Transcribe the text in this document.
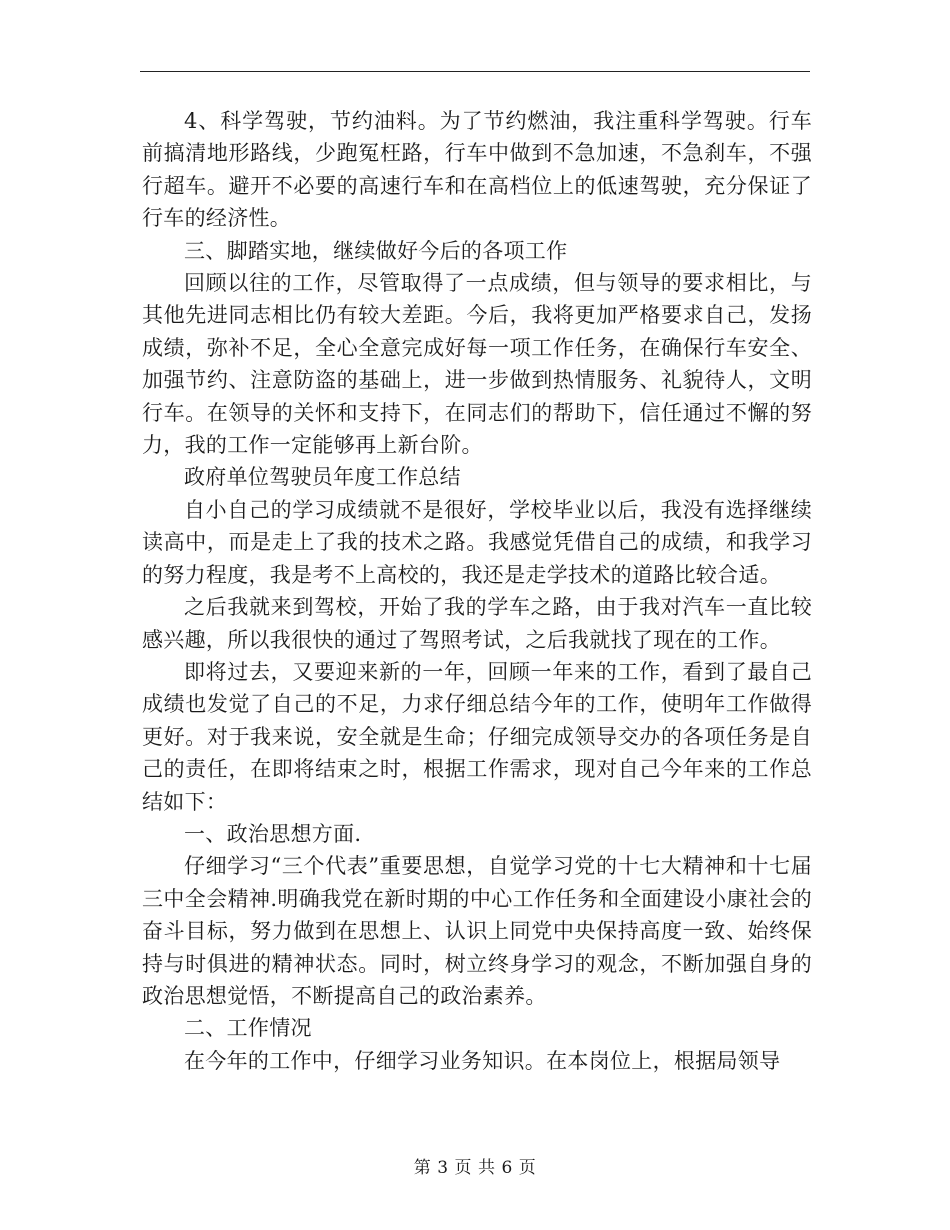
4、科学驾驶，节约油料。为了节约燃油，我注重科学驾驶。行车前搞清地形路线，少跑冤枉路，行车中做到不急加速，不急刹车，不强行超车。避开不必要的高速行车和在高档位上的低速驾驶，充分保证了行车的经济性。

三、脚踏实地，继续做好今后的各项工作

回顾以往的工作，尽管取得了一点成绩，但与领导的要求相比，与其他先进同志相比仍有较大差距。今后，我将更加严格要求自己，发扬成绩，弥补不足，全心全意完成好每一项工作任务，在确保行车安全、加强节约、注意防盗的基础上，进一步做到热情服务、礼貌待人，文明行车。在领导的关怀和支持下，在同志们的帮助下，信任通过不懈的努力，我的工作一定能够再上新台阶。

政府单位驾驶员年度工作总结

自小自己的学习成绩就不是很好，学校毕业以后，我没有选择继续读高中，而是走上了我的技术之路。我感觉凭借自己的成绩，和我学习的努力程度，我是考不上高校的，我还是走学技术的道路比较合适。

之后我就来到驾校，开始了我的学车之路，由于我对汽车一直比较感兴趣，所以我很快的通过了驾照考试，之后我就找了现在的工作。

即将过去，又要迎来新的一年，回顾一年来的工作，看到了最自己成绩也发觉了自己的不足，力求仔细总结今年的工作，使明年工作做得更好。对于我来说，安全就是生命；仔细完成领导交办的各项任务是自己的责任，在即将结束之时，根据工作需求，现对自己今年来的工作总结如下：

一、政治思想方面.

仔细学习“三个代表”重要思想，自觉学习党的十七大精神和十七届三中全会精神.明确我党在新时期的中心工作任务和全面建设小康社会的奋斗目标，努力做到在思想上、认识上同党中央保持高度一致、始终保持与时俱进的精神状态。同时，树立终身学习的观念，不断加强自身的政治思想觉悟，不断提高自己的政治素养。

二、工作情况

在今年的工作中，仔细学习业务知识。在本岗位上，根据局领导

第 3 页 共 6 页
